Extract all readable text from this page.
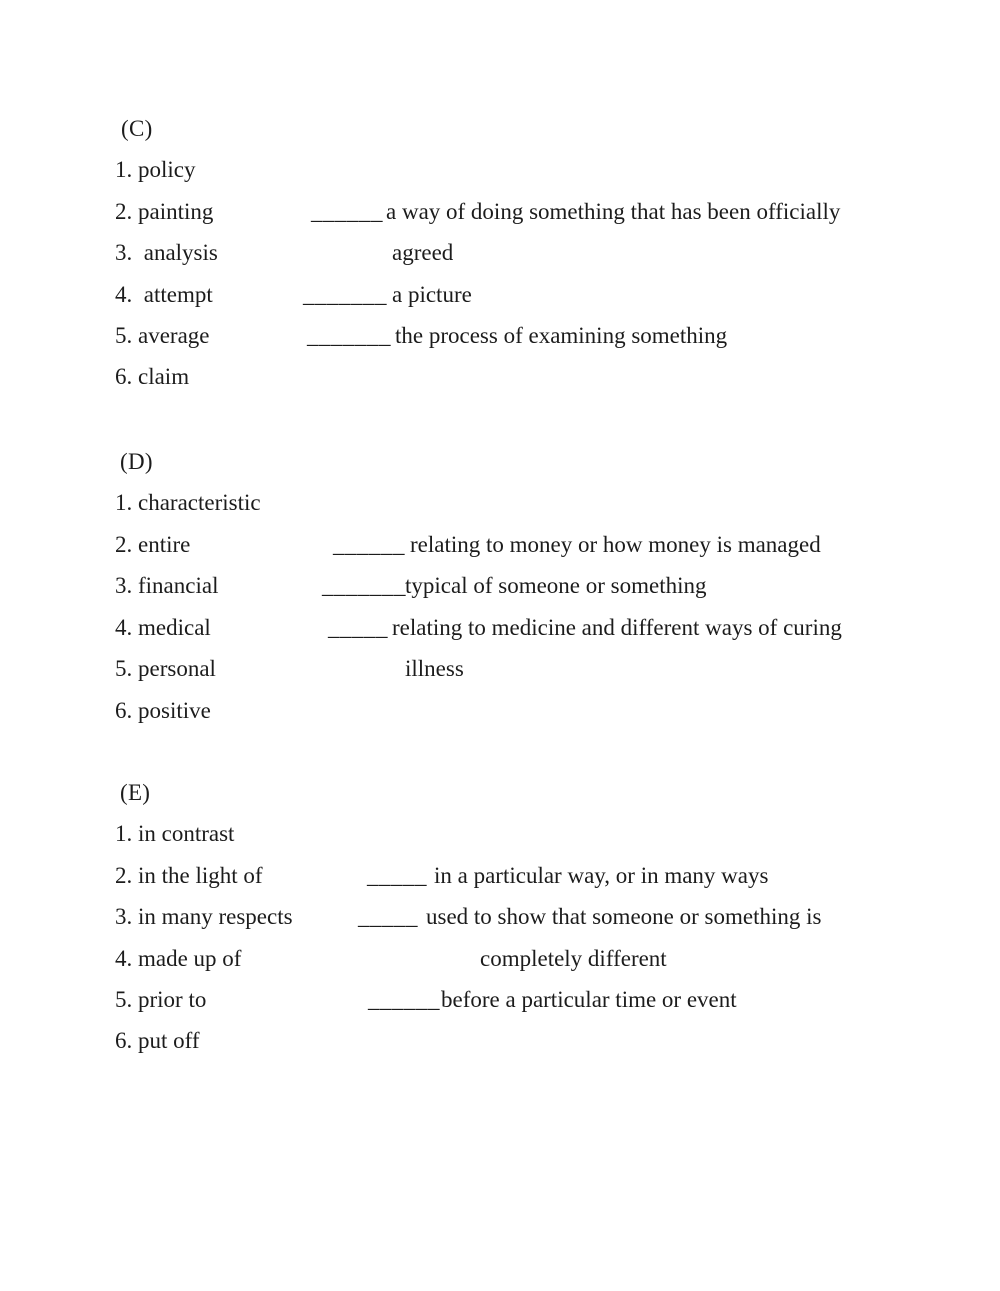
(C)
1. policy
2. painting
3.  analysis
4.  attempt
5. average
6. claim
______ a way of doing something that has been officially
agreed
_______ a picture
_______ the process of examining something
(D)
1. characteristic
2. entire
3. financial
4. medical
5. personal
6. positive
______ relating to money or how money is managed
_______ typical of someone or something
_____ relating to medicine and different ways of curing
illness
(E)
1. in contrast
2. in the light of
3. in many respects
4. made up of
5. prior to
6. put off
_____ in a particular way, or in many ways
_____ used to show that someone or something is
completely different
______ before a particular time or event
